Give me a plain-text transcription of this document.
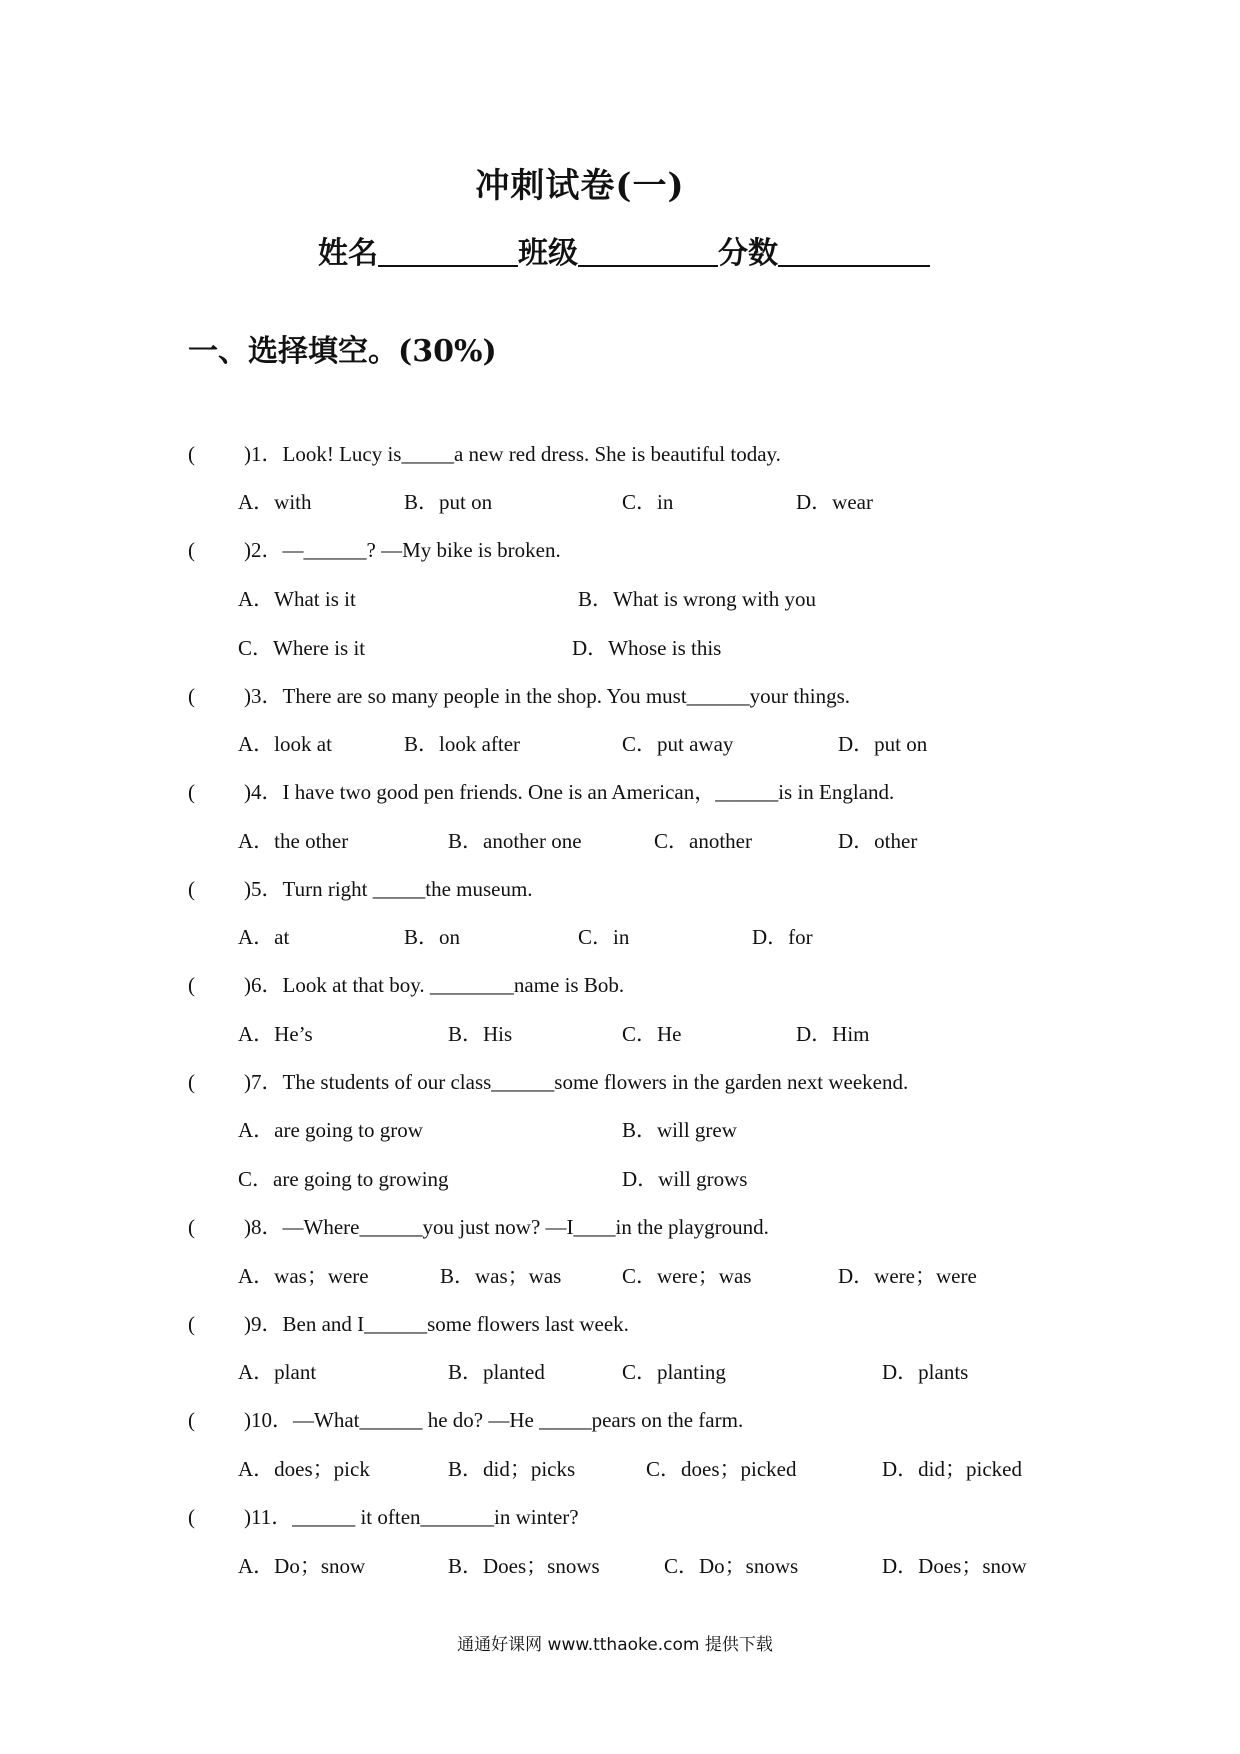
冲刺试卷(一)
姓名	班级	分数
一、选择填空。(30%)
( )1．Look! Lucy is_____a new red dress. She is beautiful today.
A．with	B．put on	C．in	D．wear
( )2．—______? —My bike is broken.
A．What is it	B．What is wrong with you
C．Where is it	D．Whose is this
( )3．There are so many people in the shop. You must______your things.
A．look at	B．look after	C．put away	D．put on
( )4．I have two good pen friends. One is an American，______is in England.
A．the other	B．another one	C．another	D．other
( )5．Turn right _____the museum.
A．at	B．on	C．in	D．for
( )6．Look at that boy. ________name is Bob.
A．He’s	B．His	C．He	D．Him
( )7．The students of our class______some flowers in the garden next weekend.
A．are going to grow	B．will grew
C．are going to growing	D．will grows
( )8．—Where______you just now? —I____in the playground.
A．was；were	B．was；was	C．were；was	D．were；were
( )9．Ben and I______some flowers last week.
A．plant	B．planted	C．planting	D．plants
( )10．—What______ he do? —He _____pears on the farm.
A．does；pick	B．did；picks	C．does；picked	D．did；picked
( )11．______ it often_______in winter?
A．Do；snow	B．Does；snows	C．Do；snows	D．Does；snow
通通好课网 www.tthaoke.com 提供下载
